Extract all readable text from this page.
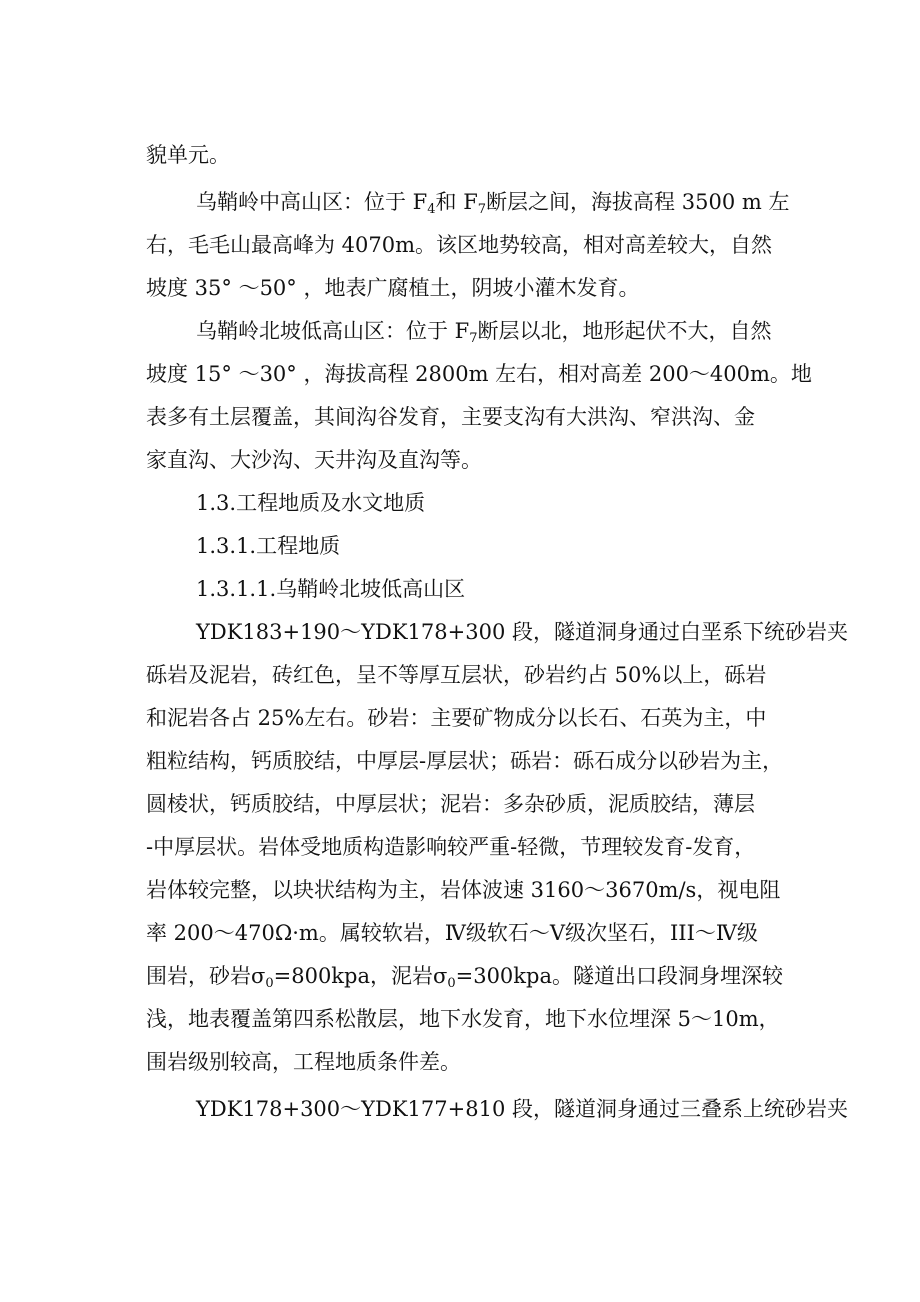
貌单元。
乌鞘岭中高山区：位于 $F_4$和 $F_7$断层之间，海拔高程 3500 m 左
右，毛毛山最高峰为 4070m。该区地势较高，相对高差较大，自然
坡度 35° ～50° ，地表广腐植土，阴坡小灌木发育。
乌鞘岭北坡低高山区：位于 $F_7$断层以北，地形起伏不大，自然
坡度 15° ～30° ，海拔高程 2800m 左右，相对高差 200～400m。地
表多有土层覆盖，其间沟谷发育，主要支沟有大洪沟、窄洪沟、金
家直沟、大沙沟、天井沟及直沟等。
1.3.工程地质及水文地质
1.3.1.工程地质
1.3.1.1.乌鞘岭北坡低高山区
YDK183+190～YDK178+300 段，隧道洞身通过白垩系下统砂岩夹
砾岩及泥岩，砖红色，呈不等厚互层状，砂岩约占 50%以上，砾岩
和泥岩各占 25%左右。砂岩：主要矿物成分以长石、石英为主，中
粗粒结构，钙质胶结，中厚层-厚层状；砾岩：砾石成分以砂岩为主，
圆棱状，钙质胶结，中厚层状；泥岩：多杂砂质，泥质胶结，薄层
-中厚层状。岩体受地质构造影响较严重-轻微，节理较发育-发育，
岩体较完整，以块状结构为主，岩体波速 3160～3670m/s，视电阻
率 200～470Ω·m。属较软岩，Ⅳ级软石～Ⅴ级次坚石，III～Ⅳ级
围岩，砂岩$\sigma_0=800kpa$，泥岩$\sigma_0=300kpa$。隧道出口段洞身埋深较
浅，地表覆盖第四系松散层，地下水发育，地下水位埋深 5～10m，
围岩级别较高，工程地质条件差。
YDK178+300～YDK177+810 段，隧道洞身通过三叠系上统砂岩夹
